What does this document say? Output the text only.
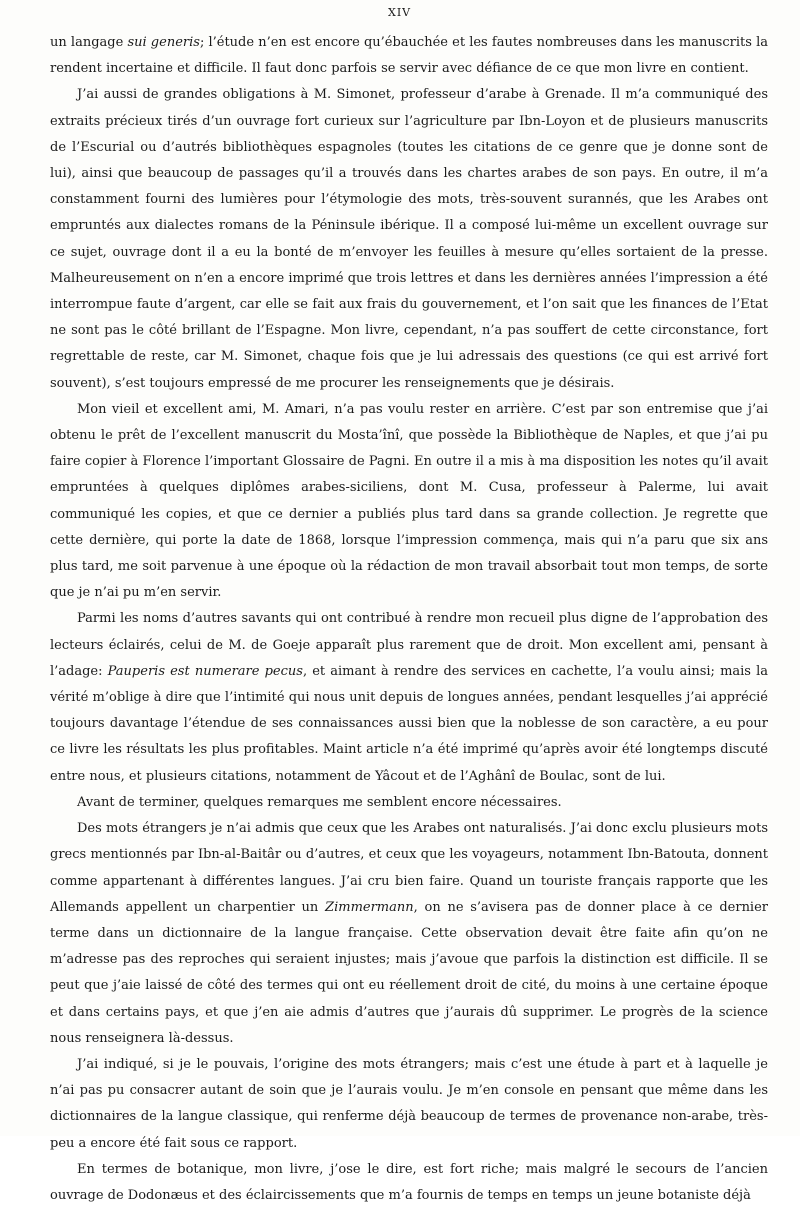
XIV

un langage sui generis; l’étude n’en est encore qu’ébauchée et les fautes nombreuses dans les manuscrits la rendent incertaine et difficile. Il faut donc parfois se servir avec défiance de ce que mon livre en contient.

J’ai aussi de grandes obligations à M. Simonet, professeur d’arabe à Grenade. Il m’a communiqué des extraits précieux tirés d’un ouvrage fort curieux sur l’agriculture par Ibn-Loyon et de plusieurs manuscrits de l’Escurial ou d’autrés bibliothèques espagnoles (toutes les citations de ce genre que je donne sont de lui), ainsi que beaucoup de passages qu’il a trouvés dans les chartes arabes de son pays. En outre, il m’a constamment fourni des lumières pour l’étymologie des mots, très-souvent surannés, que les Arabes ont empruntés aux dialectes romans de la Péninsule ibérique. Il a composé lui-même un excellent ouvrage sur ce sujet, ouvrage dont il a eu la bonté de m’envoyer les feuilles à mesure qu’elles sortaient de la presse. Malheureusement on n’en a encore imprimé que trois lettres et dans les dernières années l’impression a été interrompue faute d’argent, car elle se fait aux frais du gouvernement, et l’on sait que les finances de l’Etat ne sont pas le côté brillant de l’Espagne. Mon livre, cependant, n’a pas souffert de cette circonstance, fort regrettable de reste, car M. Simonet, chaque fois que je lui adressais des questions (ce qui est arrivé fort souvent), s’est toujours empressé de me procurer les renseignements que je désirais.

Mon vieil et excellent ami, M. Amari, n’a pas voulu rester en arrière. C’est par son entremise que j’ai obtenu le prêt de l’excellent manuscrit du Mosta’înî, que possède la Bibliothèque de Naples, et que j’ai pu faire copier à Florence l’important Glossaire de Pagni. En outre il a mis à ma disposition les notes qu’il avait empruntées à quelques diplômes arabes-siciliens, dont M. Cusa, professeur à Palerme, lui avait communiqué les copies, et que ce dernier a publiés plus tard dans sa grande collection. Je regrette que cette dernière, qui porte la date de 1868, lorsque l’impression commença, mais qui n’a paru que six ans plus tard, me soit parvenue à une époque où la rédaction de mon travail absorbait tout mon temps, de sorte que je n’ai pu m’en servir.

Parmi les noms d’autres savants qui ont contribué à rendre mon recueil plus digne de l’approbation des lecteurs éclairés, celui de M. de Goeje apparaît plus rarement que de droit. Mon excellent ami, pensant à l’adage: Pauperis est numerare pecus, et aimant à rendre des services en cachette, l’a voulu ainsi; mais la vérité m’oblige à dire que l’intimité qui nous unit depuis de longues années, pendant lesquelles j’ai apprécié toujours davantage l’étendue de ses connaissances aussi bien que la noblesse de son caractère, a eu pour ce livre les résultats les plus profitables. Maint article n’a été imprimé qu’après avoir été longtemps discuté entre nous, et plusieurs citations, notamment de Yâcout et de l’Aghânî de Boulac, sont de lui.

Avant de terminer, quelques remarques me semblent encore nécessaires.

Des mots étrangers je n’ai admis que ceux que les Arabes ont naturalisés. J’ai donc exclu plusieurs mots grecs mentionnés par Ibn-al-Baitâr ou d’autres, et ceux que les voyageurs, notamment Ibn-Batouta, donnent comme appartenant à différentes langues. J’ai cru bien faire. Quand un touriste français rapporte que les Allemands appellent un charpentier un Zimmermann, on ne s’avisera pas de donner place à ce dernier terme dans un dictionnaire de la langue française. Cette observation devait être faite afin qu’on ne m’adresse pas des reproches qui seraient injustes; mais j’avoue que parfois la distinction est difficile. Il se peut que j’aie laissé de côté des termes qui ont eu réellement droit de cité, du moins à une certaine époque et dans certains pays, et que j’en aie admis d’autres que j’aurais dû supprimer. Le progrès de la science nous renseignera là-dessus.

J’ai indiqué, si je le pouvais, l’origine des mots étrangers; mais c’est une étude à part et à laquelle je n’ai pas pu consacrer autant de soin que je l’aurais voulu. Je m’en console en pensant que même dans les dictionnaires de la langue classique, qui renferme déjà beaucoup de termes de provenance non-arabe, très-peu a encore été fait sous ce rapport.

En termes de botanique, mon livre, j’ose le dire, est fort riche; mais malgré le secours de l’ancien ouvrage de Dodonæus et des éclaircissements que m’a fournis de temps en temps un jeune botaniste déjà
